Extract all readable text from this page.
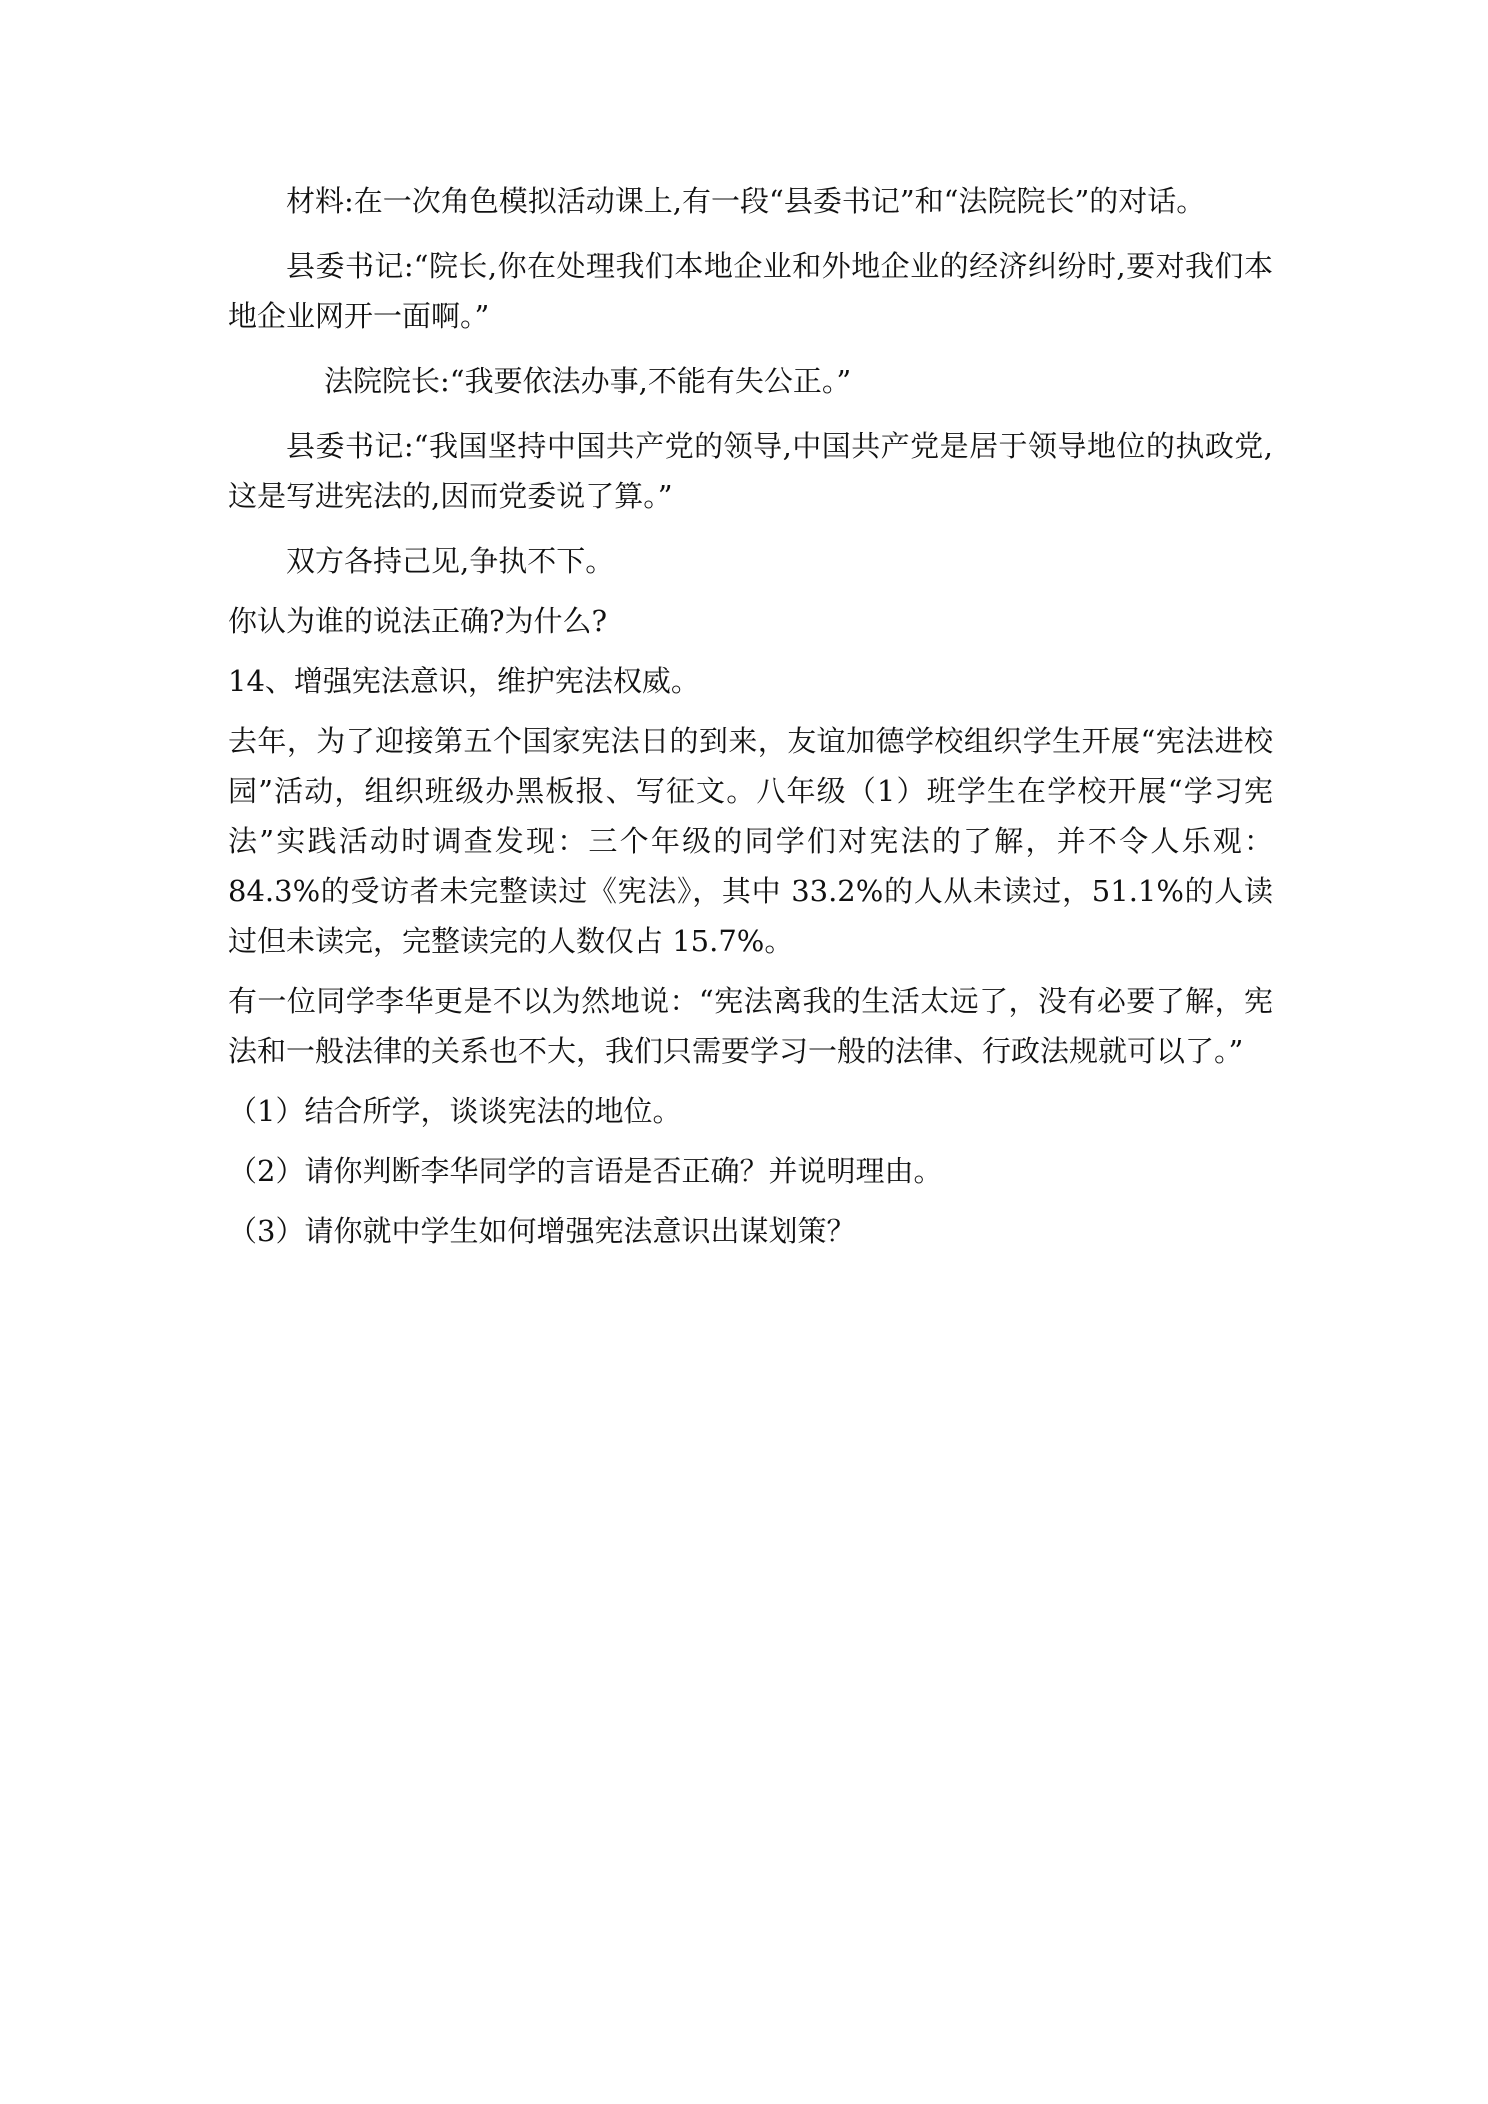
材料:在一次角色模拟活动课上,有一段“县委书记”和“法院院长”的对话。

县委书记:“院长,你在处理我们本地企业和外地企业的经济纠纷时,要对我们本地企业网开一面啊。”

法院院长:“我要依法办事,不能有失公正。”

县委书记:“我国坚持中国共产党的领导,中国共产党是居于领导地位的执政党,这是写进宪法的,因而党委说了算。”

双方各持己见,争执不下。

你认为谁的说法正确?为什么?

14、增强宪法意识，维护宪法权威。

去年，为了迎接第五个国家宪法日的到来，友谊加德学校组织学生开展“宪法进校园”活动，组织班级办黑板报、写征文。八年级（1）班学生在学校开展“学习宪法”实践活动时调查发现：三个年级的同学们对宪法的了解，并不令人乐观：84.3%的受访者未完整读过《宪法》，其中 33.2%的人从未读过，51.1%的人读过但未读完，完整读完的人数仅占 15.7%。

有一位同学李华更是不以为然地说：“宪法离我的生活太远了，没有必要了解，宪法和一般法律的关系也不大，我们只需要学习一般的法律、行政法规就可以了。”

（1）结合所学，谈谈宪法的地位。

（2）请你判断李华同学的言语是否正确？并说明理由。

（3）请你就中学生如何增强宪法意识出谋划策？
